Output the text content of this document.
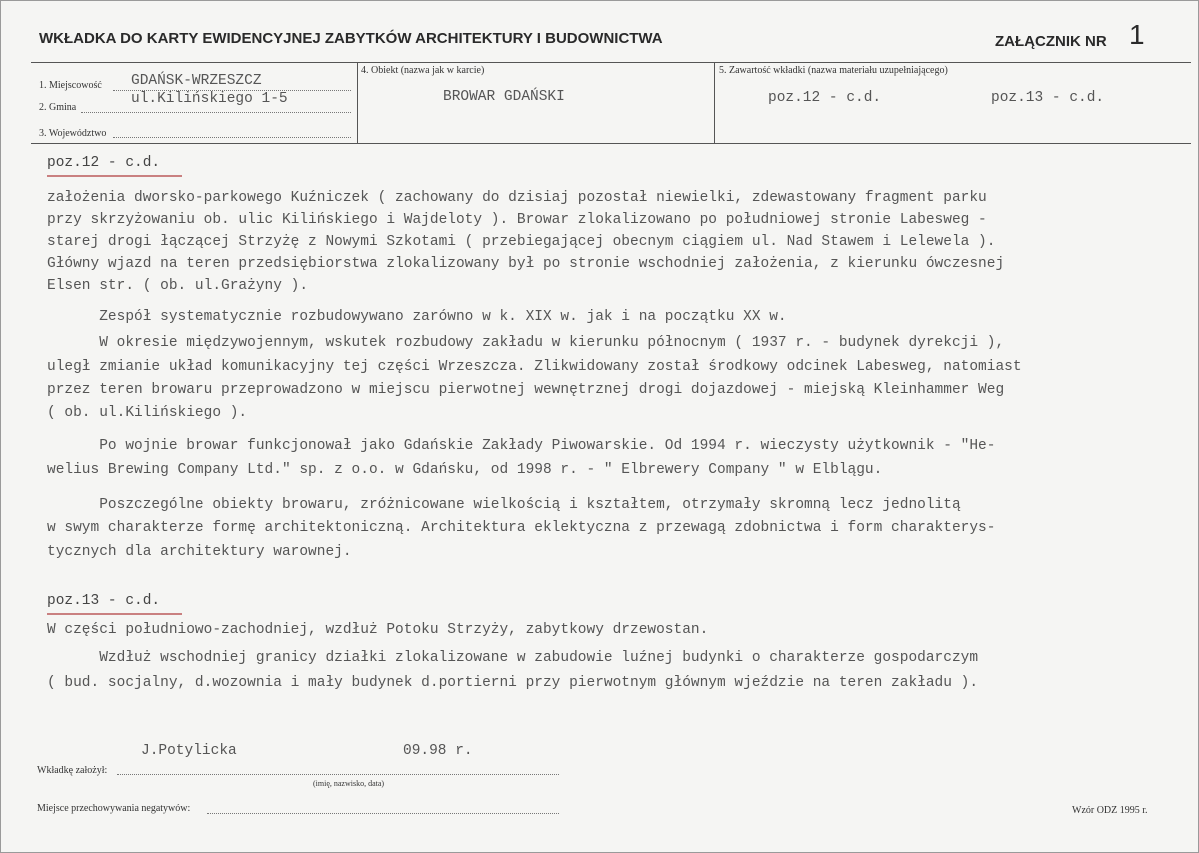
WKŁADKA DO KARTY EWIDENCYJNEJ ZABYTKÓW ARCHITEKTURY I BUDOWNICTWA	ZAŁĄCZNIK NR 1
1. Miejscowość GDAŃSK-WRZESZCZ
ul.Kilińskiego 1-5
2. Gmina
3. Województwo
4. Obiekt (nazwa jak w karcie)
BROWAR GDAŃSKI
5. Zawartość wkładki (nazwa materiału uzupełniającego)
poz.12 - c.d.	poz.13 - c.d.
poz.12 - c.d.
założenia dworsko-parkowego Kuźniczek ( zachowany do dzisiaj pozostał niewielki, zdewastowany fragment parku
przy skrzyżowaniu ob. ulic Kilińskiego i Wajdeloty ). Browar zlokalizowano po południowej stronie Labesweg -
starej drogi łączącej Strzyżę z Nowymi Szkotami ( przebiegającej obecnym ciągiem ul. Nad Stawem i Lelewela ).
Główny wjazd na teren przedsiębiorstwa zlokalizowany był po stronie wschodniej założenia, z kierunku ówczesnej
Elsen str. ( ob. ul.Grażyny ).
Zespół systematycznie rozbudowywano zarówno w k. XIX w. jak i na początku XX w.
W okresie międzywojennym, wskutek rozbudowy zakładu w kierunku północnym ( 1937 r. - budynek dyrekcji ),
uległ zmianie układ komunikacyjny tej części Wrzeszcza. Zlikwidowany został środkowy odcinek Labesweg, natomiast
przez teren browaru przeprowadzono w miejscu pierwotnej wewnętrznej drogi dojazdowej - miejską Kleinhammer Weg
( ob. ul.Kilińskiego ).
Po wojnie browar funkcjonował jako Gdańskie Zakłady Piwowarskie. Od 1994 r. wieczysty użytkownik - "He-
welius Brewing Company Ltd." sp. z o.o. w Gdańsku, od 1998 r. - " Elbrewery Company " w Elblągu.
Poszczególne obiekty browaru, zróżnicowane wielkością i kształtem, otrzymały skromną lecz jednolitą
w swym charakterze formę architektoniczną. Architektura eklektyczna z przewagą zdobnictwa i form charakterys-
tycznych dla architektury warownej.
poz.13 - c.d.
W części południowo-zachodniej, wzdłuż Potoku Strzyży, zabytkowy drzewostan.
Wzdłuż wschodniej granicy działki zlokalizowane w zabudowie luźnej budynki o charakterze gospodarczym
( bud. socjalny, d.wozownia i mały budynek d.portierni przy pierwotnym głównym wjeździe na teren zakładu ).
J.Potylicka	09.98 r.
Wkładkę założył:
(imię, nazwisko, data)
Miejsce przechowywania negatywów:	Wzór ODZ 1995 r.
